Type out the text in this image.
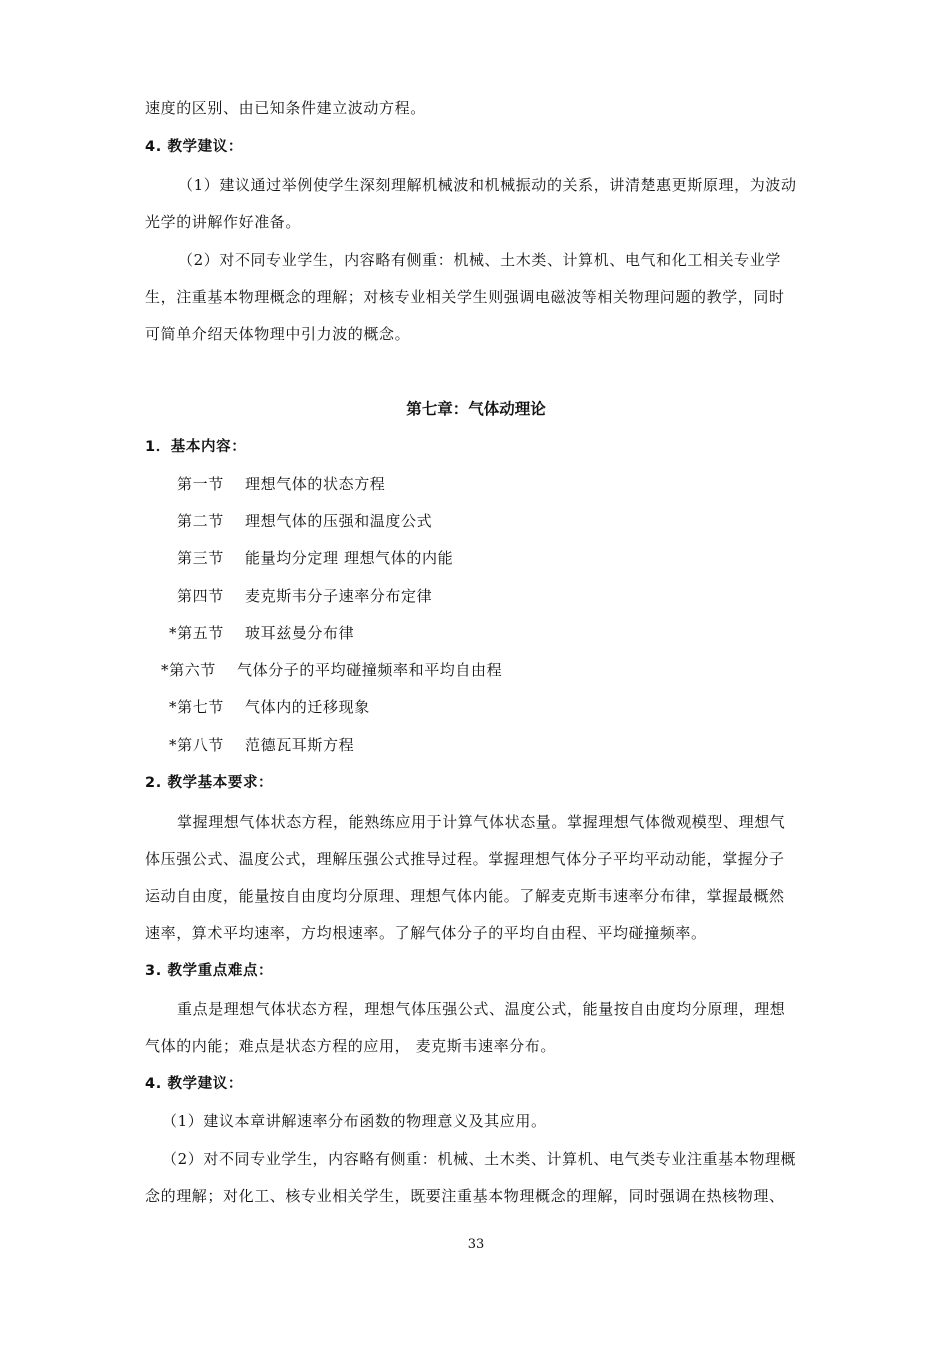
速度的区别、由已知条件建立波动方程。
4. 教学建议：
（1）建议通过举例使学生深刻理解机械波和机械振动的关系，讲清楚惠更斯原理，为波动
光学的讲解作好准备。
（2）对不同专业学生，内容略有侧重：机械、土木类、计算机、电气和化工相关专业学
生，注重基本物理概念的理解；对核专业相关学生则强调电磁波等相关物理问题的教学，同时
可简单介绍天体物理中引力波的概念。
第七章：气体动理论
1．基本内容：
第一节 理想气体的状态方程
第二节 理想气体的压强和温度公式
第三节 能量均分定理 理想气体的内能
第四节 麦克斯韦分子速率分布定律
*第五节 玻耳兹曼分布律
*第六节 气体分子的平均碰撞频率和平均自由程
*第七节 气体内的迁移现象
*第八节 范德瓦耳斯方程
2. 教学基本要求：
掌握理想气体状态方程，能熟练应用于计算气体状态量。掌握理想气体微观模型、理想气
体压强公式、温度公式，理解压强公式推导过程。掌握理想气体分子平均平动动能，掌握分子
运动自由度，能量按自由度均分原理、理想气体内能。了解麦克斯韦速率分布律，掌握最概然
速率，算术平均速率，方均根速率。了解气体分子的平均自由程、平均碰撞频率。
3. 教学重点难点：
重点是理想气体状态方程，理想气体压强公式、温度公式，能量按自由度均分原理，理想
气体的内能；难点是状态方程的应用， 麦克斯韦速率分布。
4. 教学建议：
（1）建议本章讲解速率分布函数的物理意义及其应用。
（2）对不同专业学生，内容略有侧重：机械、土木类、计算机、电气类专业注重基本物理概
念的理解；对化工、核专业相关学生，既要注重基本物理概念的理解，同时强调在热核物理、
33
